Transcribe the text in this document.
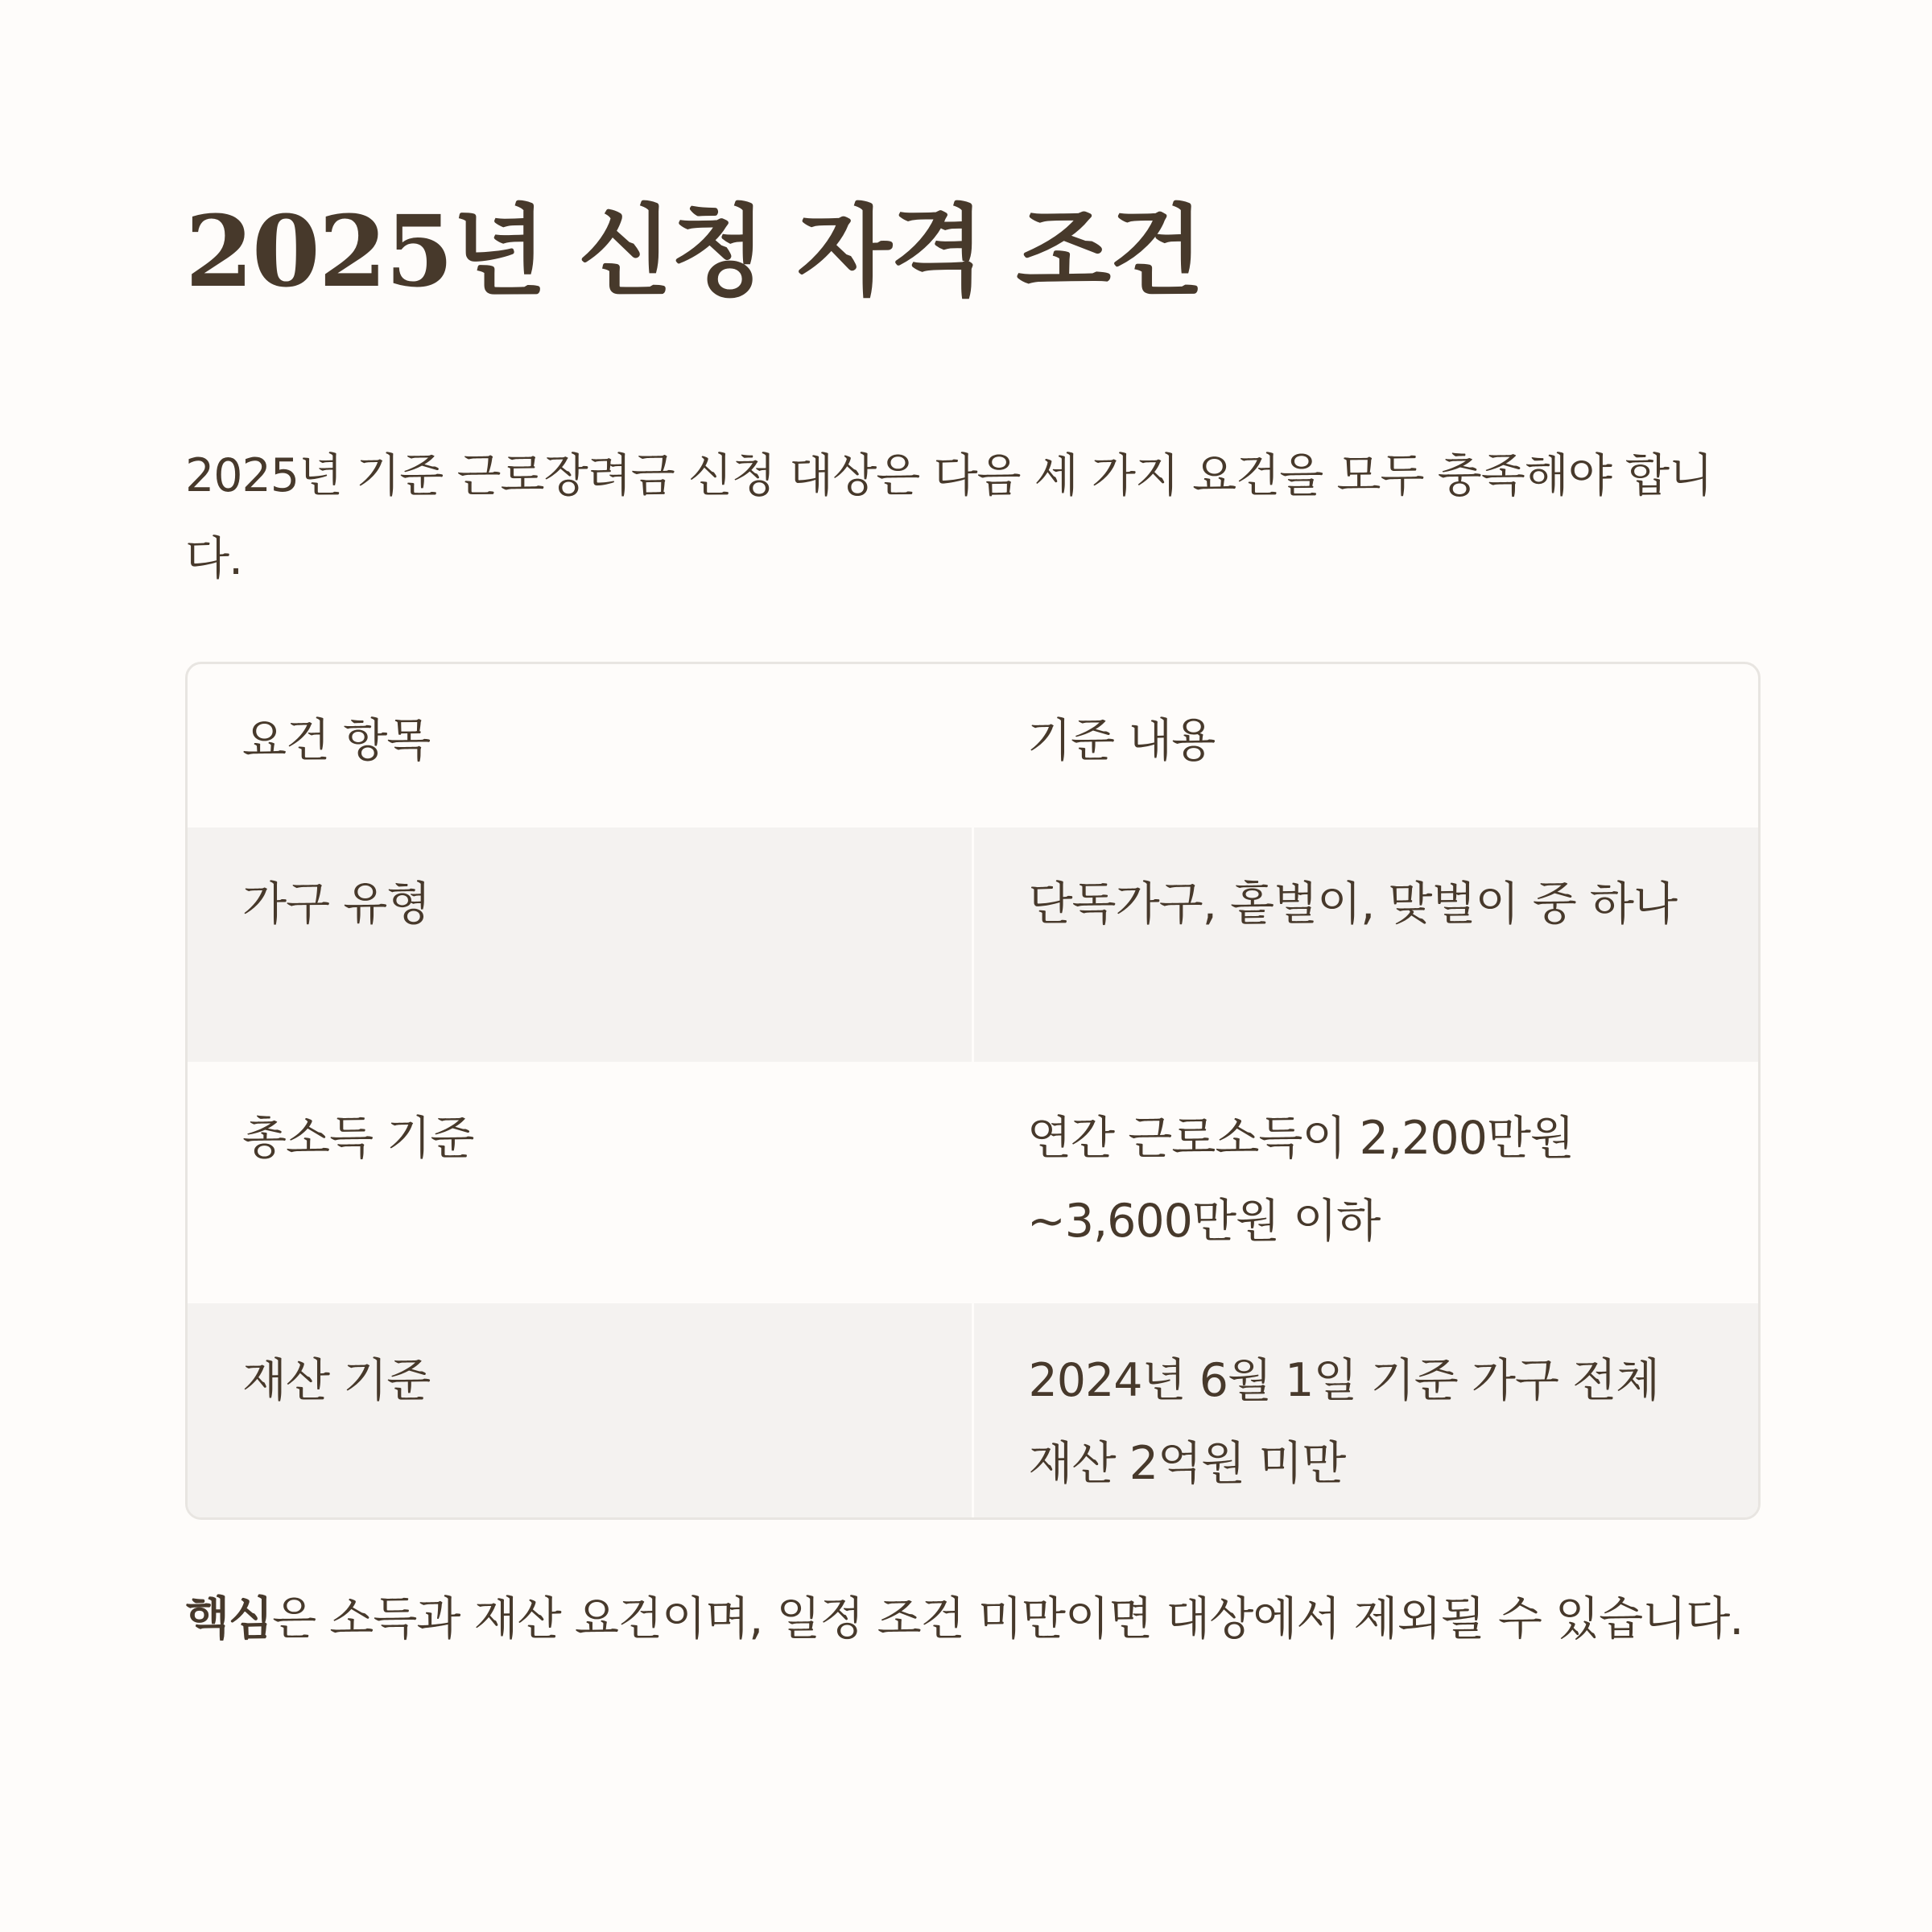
2025년 신청 자격 조건

2025년 기준 근로장려금 신청 대상은 다음 세 가지 요건을 모두 충족해야 합니다.

요건 항목	기준 내용
가구 유형	단독가구, 홑벌이, 맞벌이 중 하나
총소득 기준	연간 근로소득이 2,200만원 ~3,600만원 이하
재산 기준	2024년 6월 1일 기준 가구 전체 재산 2억원 미만

핵심은 소득과 재산 요건이며, 일정 조건 미만이면 대상에서 제외될 수 있습니다.
